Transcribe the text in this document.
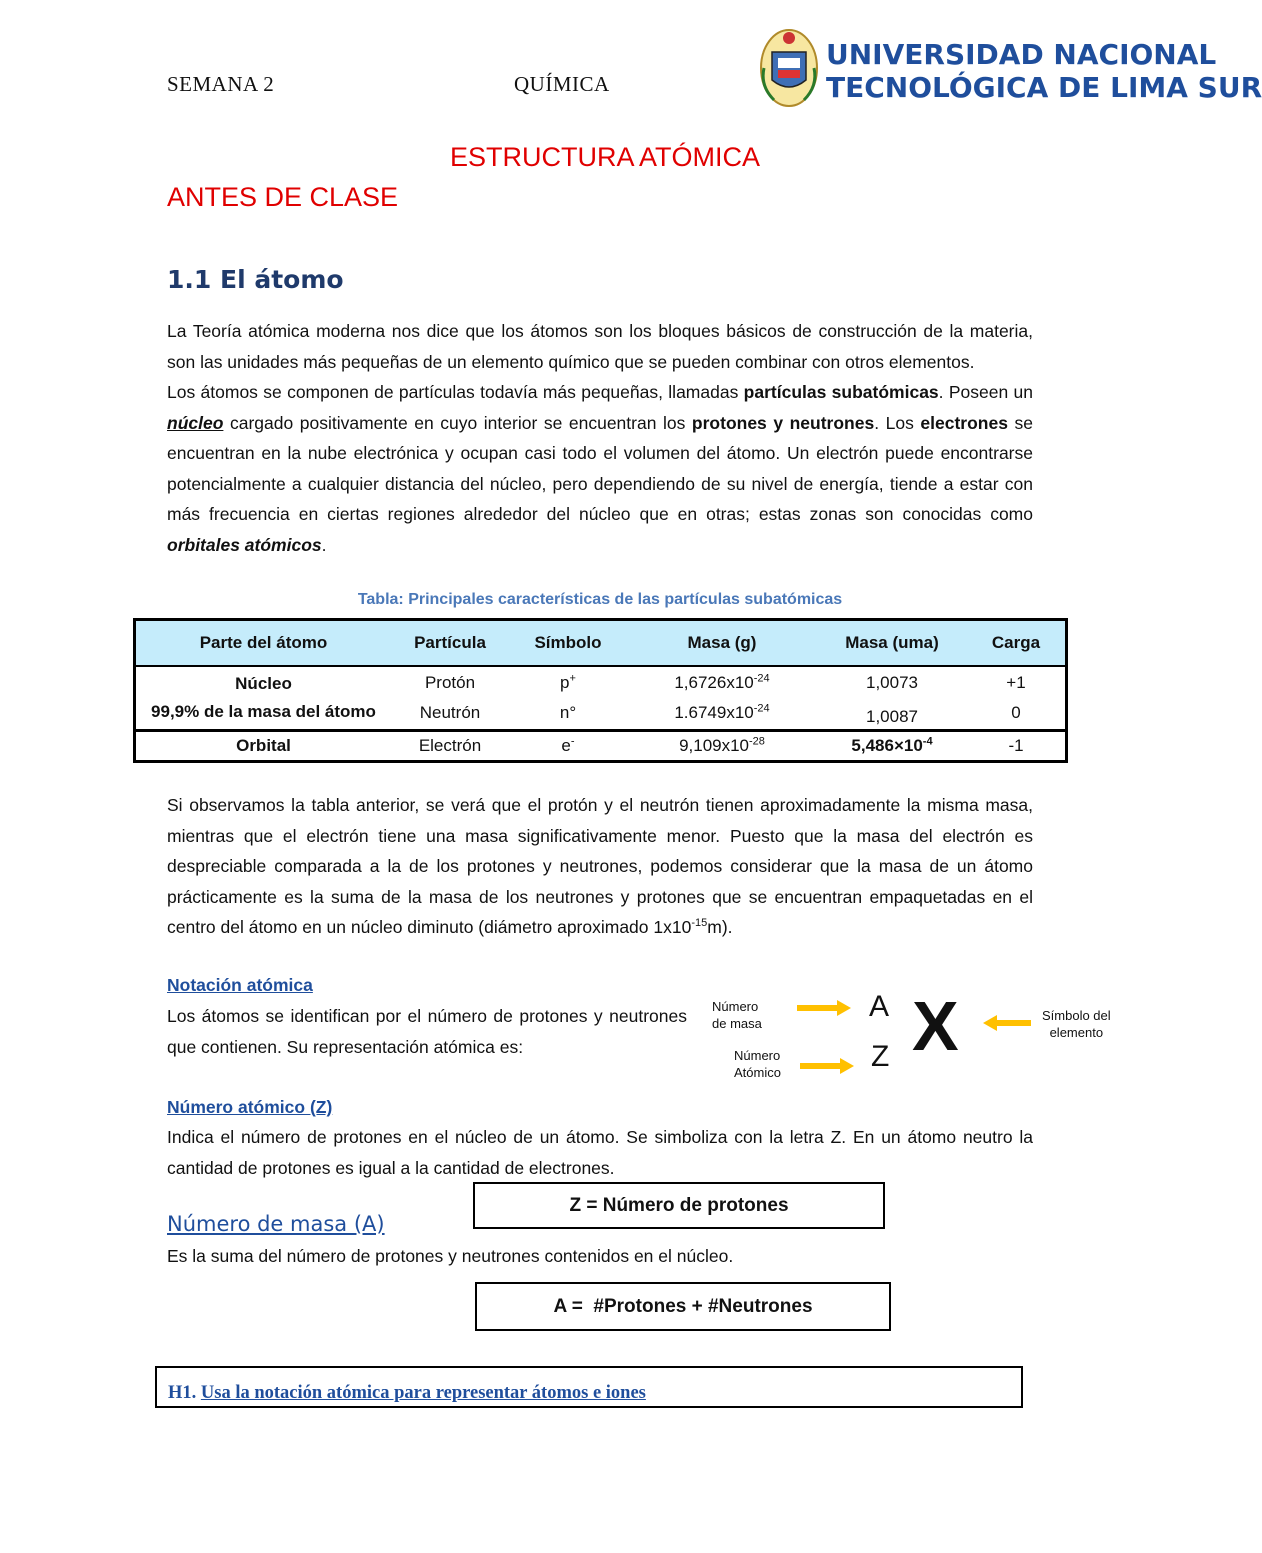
SEMANA 2	QUÍMICA
UNIVERSIDAD NACIONAL
TECNOLÓGICA DE LIMA SUR
ESTRUCTURA ATÓMICA
ANTES DE CLASE
1.1 El átomo

La Teoría atómica moderna nos dice que los átomos son los bloques básicos de construcción de la materia, son las unidades más pequeñas de un elemento químico que se pueden combinar con otros elementos.

Los átomos se componen de partículas todavía más pequeñas, llamadas partículas subatómicas. Poseen un núcleo cargado positivamente en cuyo interior se encuentran los protones y neutrones. Los electrones se encuentran en la nube electrónica y ocupan casi todo el volumen del átomo. Un electrón puede encontrarse potencialmente a cualquier distancia del núcleo, pero dependiendo de su nivel de energía, tiende a estar con más frecuencia en ciertas regiones alrededor del núcleo que en otras; estas zonas son conocidas como orbitales atómicos.

Tabla: Principales características de las partículas subatómicas
Parte del átomo	Partícula	Símbolo	Masa (g)	Masa (uma)	Carga

Núcleo
99,9% de la masa del átomo	Protón	p+	$1,6726x10^{-24}$	1,0073	+1
	Neutrón	n°	$1.6749x10^{-24}$	1,0087	0
Orbital	Electrón	e-	$9,109x10^{-28}$	$5,486\times 10^{-4}$	-1

Si observamos la tabla anterior, se verá que el protón y el neutrón tienen aproximadamente la misma masa, mientras que el electrón tiene una masa significativamente menor. Puesto que la masa del electrón es despreciable comparada a la de los protones y neutrones, podemos considerar que la masa de un átomo prácticamente es la suma de la masa de los neutrones y protones que se encuentran empaquetadas en el centro del átomo en un núcleo diminuto (diámetro aproximado $1x10^{-15}m$).

Notación atómica
Los átomos se identifican por el número de protones y neutrones que contienen. Su representación atómica es:
Número
de masa
Número
Atómico
Símbolo del
elemento
A
Z X
Número atómico (Z)
Indica el número de protones en el núcleo de un átomo. Se simboliza con la letra Z. En un átomo neutro la cantidad de protones es igual a la cantidad de electrones.
Z = Número de protones
Número de masa (A)
Es la suma del número de protones y neutrones contenidos en el núcleo.
A =  #Protones + #Neutrones
H1. Usa la notación atómica para representar átomos e iones
